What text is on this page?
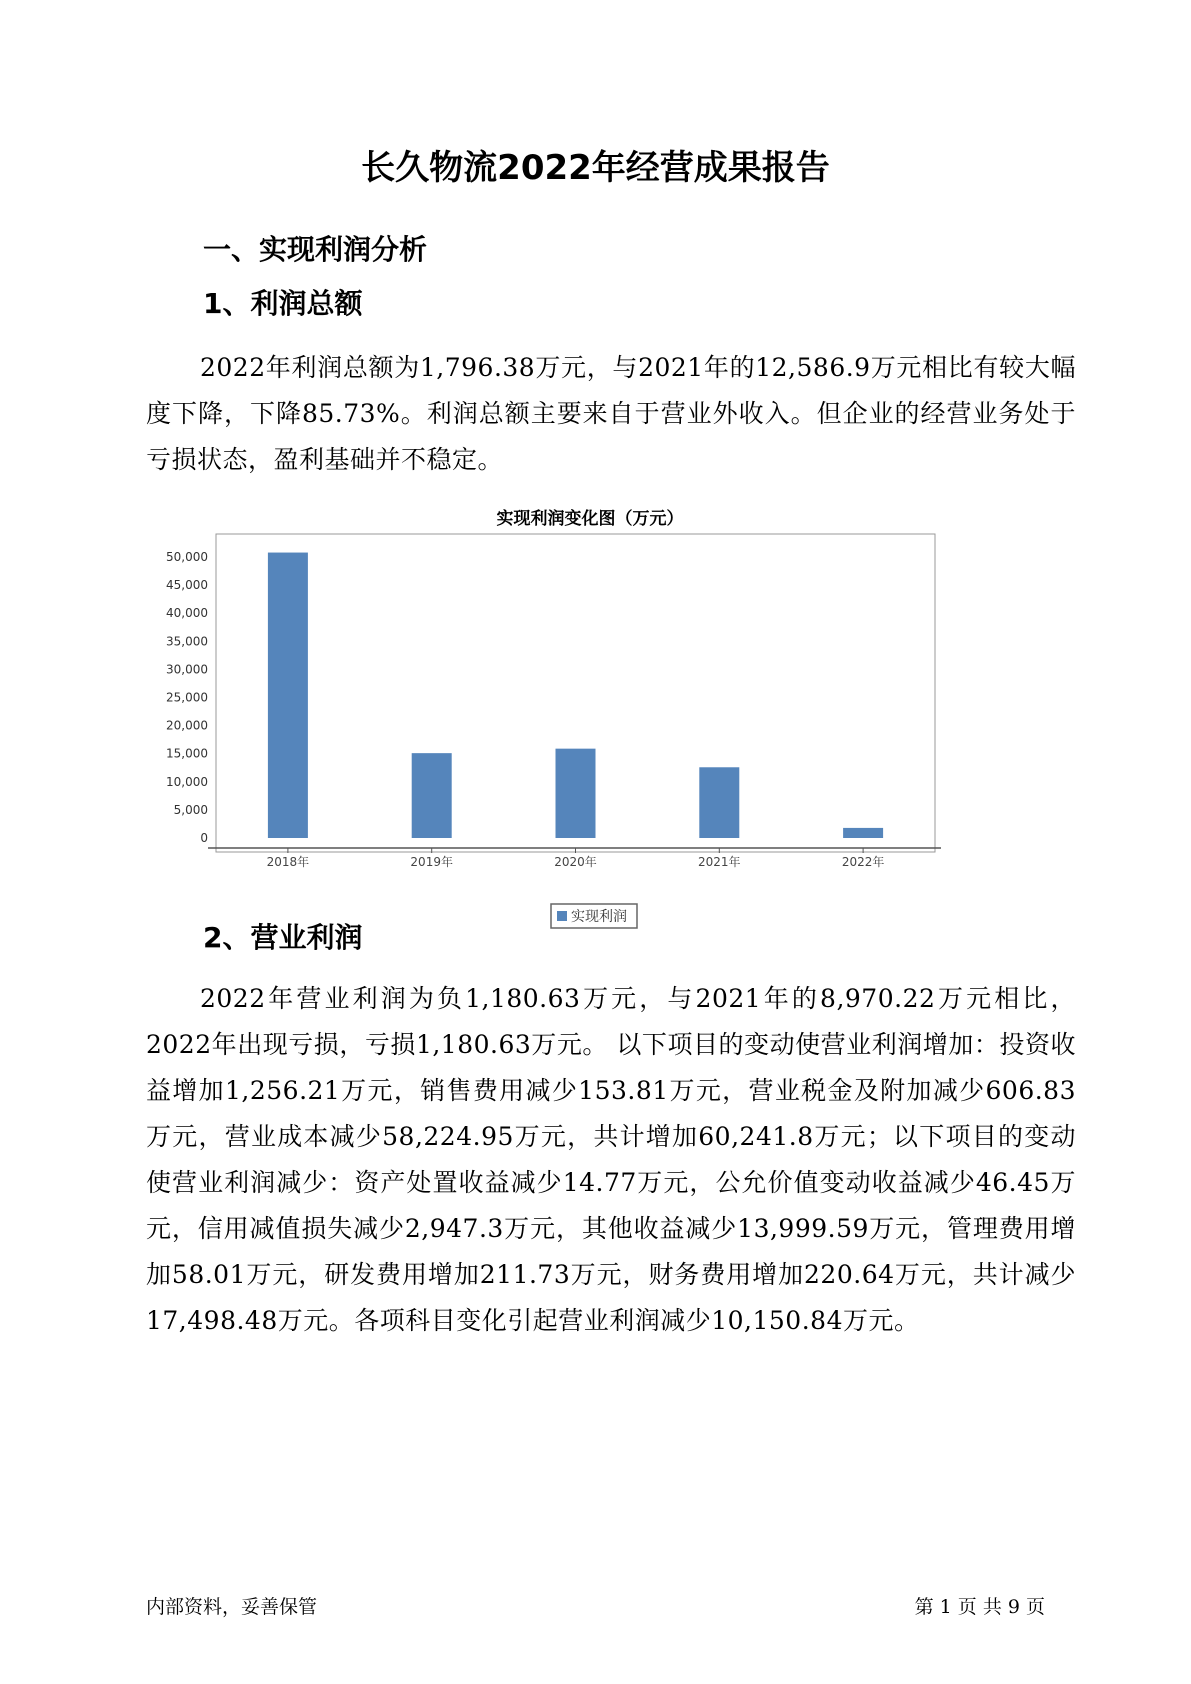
长久物流2022年经营成果报告
一、实现利润分析
1、利润总额

2022年利润总额为1,796.38万元，与2021年的12,586.9万元相比有较大幅度下降，下降85.73%。利润总额主要来自于营业外收入。但企业的经营业务处于亏损状态，盈利基础并不稳定。

实现利润变化图（万元）
2018年	2019年	2020年	2021年	2022年
0
5,000
10,000
15,000
20,000
25,000
30,000
35,000
40,000
45,000
50,000
实现利润
2、营业利润

2022年营业利润为负1,180.63万元，与2021年的8,970.22万元相比，2022年出现亏损，亏损1,180.63万元。 以下项目的变动使营业利润增加：投资收益增加1,256.21万元，销售费用减少153.81万元，营业税金及附加减少606.83万元，营业成本减少58,224.95万元，共计增加60,241.8万元；以下项目的变动使营业利润减少：资产处置收益减少14.77万元，公允价值变动收益减少46.45万元，信用减值损失减少2,947.3万元，其他收益减少13,999.59万元，管理费用增加58.01万元，研发费用增加211.73万元，财务费用增加220.64万元，共计减少17,498.48万元。各项科目变化引起营业利润减少10,150.84万元。

内部资料，妥善保管	第 1 页 共 9 页
